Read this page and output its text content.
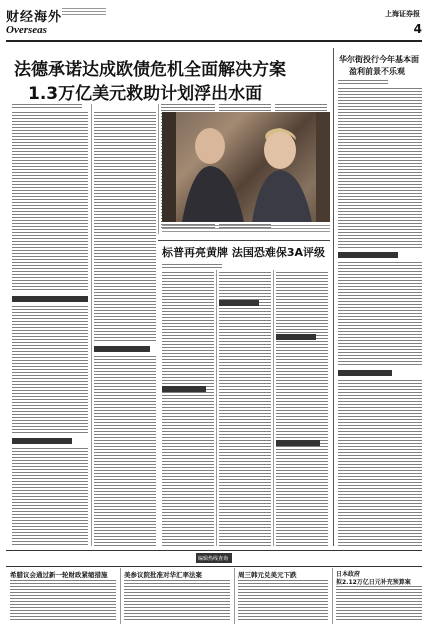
财经海外
Overseas
上海证券报
4
法德承诺达成欧债危机全面解决方案
1.3万亿美元救助计划浮出水面
标普再亮黄牌 法国恐难保3A评级
华尔街投行今年基本面
盈利前景不乐观
编辑热线查询
希腊议会通过新一轮财政紧缩措施	美参议院批准对华汇率法案	周三韩元兑美元下跌	日本政府
拟2.12万亿日元补充预算案
